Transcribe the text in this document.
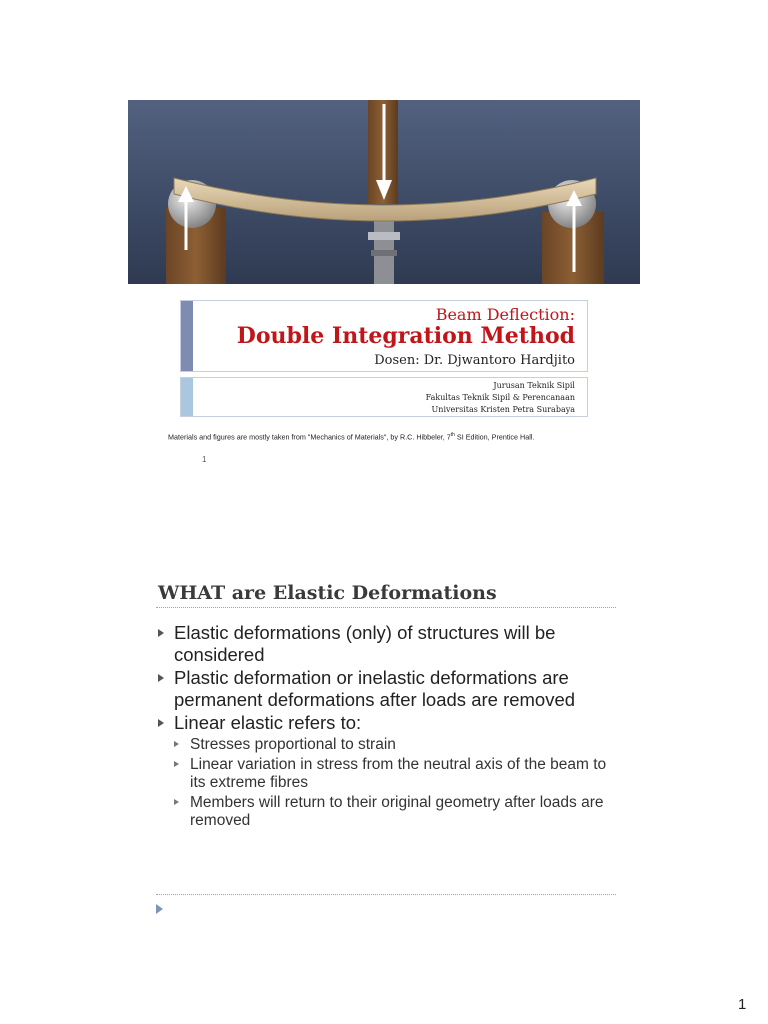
Beam Deflection:
Double Integration Method
Dosen: Dr. Djwantoro Hardjito
Jurusan Teknik Sipil
Fakultas Teknik Sipil & Perencanaan
Universitas Kristen Petra Surabaya
Materials and figures are mostly taken from "Mechanics of Materials", by R.C. Hibbeler, 7th SI Edition, Prentice Hall.
1
WHAT are Elastic Deformations
Elastic deformations (only) of structures will be considered
Plastic deformation or inelastic deformations are permanent deformations after loads are removed
Linear elastic refers to:
Stresses proportional to strain
Linear variation in stress from the neutral axis of the beam to its extreme fibres
Members will return to their original geometry after loads are removed
1
